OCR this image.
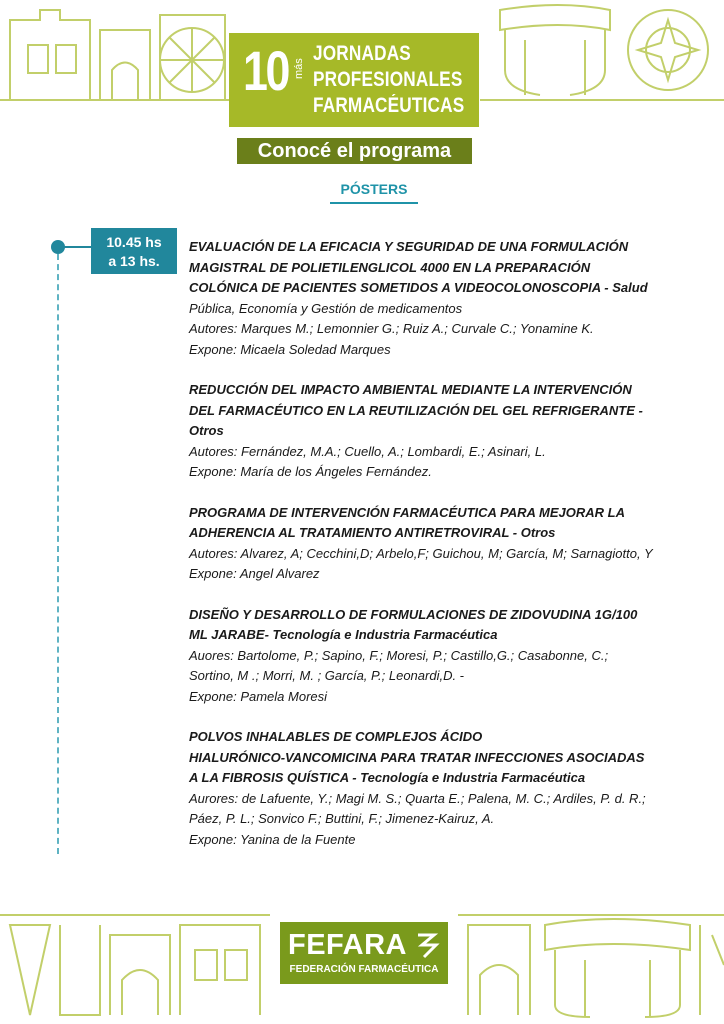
10 más
JORNADAS
PROFESIONALES
FARMACÉUTICAS
Conocé el programa
PÓSTERS
10.45 hs
a 13 hs.

EVALUACIÓN DE LA EFICACIA Y SEGURIDAD DE UNA FORMULACIÓN

MAGISTRAL DE POLIETILENGLICOL 4000 EN LA PREPARACIÓN

COLÓNICA DE PACIENTES SOMETIDOS A VIDEOCOLONOSCOPIA - Salud

Pública, Economía y Gestión de medicamentos

Autores: Marques M.; Lemonnier G.; Ruiz A.; Curvale C.; Yonamine K.

Expone: Micaela Soledad Marques

REDUCCIÓN DEL IMPACTO AMBIENTAL MEDIANTE LA INTERVENCIÓN

DEL FARMACÉUTICO EN LA REUTILIZACIÓN DEL GEL REFRIGERANTE -

Otros

Autores: Fernández, M.A.; Cuello, A.; Lombardi, E.; Asinari, L.

Expone: María de los Ángeles Fernández.

PROGRAMA DE INTERVENCIÓN FARMACÉUTICA PARA MEJORAR LA

ADHERENCIA AL TRATAMIENTO ANTIRETROVIRAL - Otros

Autores: Alvarez, A; Cecchini,D; Arbelo,F; Guichou, M; García, M; Sarnagiotto, Y

Expone: Angel Alvarez

DISEÑO Y DESARROLLO DE FORMULACIONES DE ZIDOVUDINA 1G/100

ML JARABE- Tecnología e Industria Farmacéutica

Auores: Bartolome, P.; Sapino, F.; Moresi, P.; Castillo,G.; Casabonne, C.;

Sortino, M .; Morri, M. ; García, P.; Leonardi,D. -

Expone: Pamela Moresi

POLVOS INHALABLES DE COMPLEJOS ÁCIDO

HIALURÓNICO-VANCOMICINA PARA TRATAR INFECCIONES ASOCIADAS

A LA FIBROSIS QUÍSTICA - Tecnología e Industria Farmacéutica

Aurores: de Lafuente, Y.; Magi M. S.; Quarta E.; Palena, M. C.; Ardiles, P. d. R.;

Páez, P. L.; Sonvico F.; Buttini, F.; Jimenez-Kairuz, A.

Expone: Yanina de la Fuente

FEFARA
FEDERACIÓN FARMACÉUTICA
